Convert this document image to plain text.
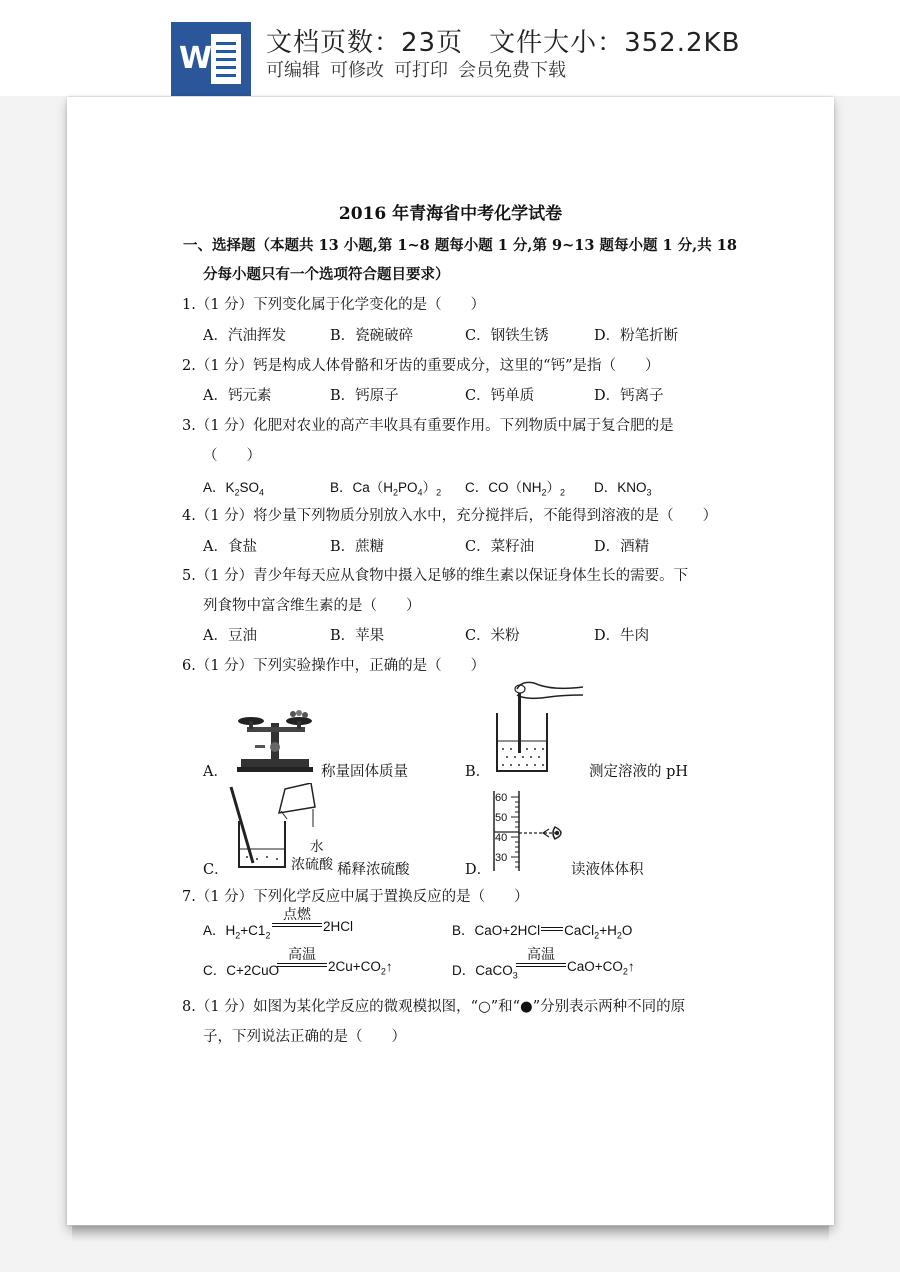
W 文档页数：23页 文件大小：352.2KB
可编辑 可修改 可打印 会员免费下载
2016 年青海省中考化学试卷
一、选择题（本题共 13 小题,第 1~8 题每小题 1 分,第 9~13 题每小题 1 分,共 18
分每小题只有一个选项符合题目要求）
1.（1 分）下列变化属于化学变化的是（　　）
A．汽油挥发	B．瓷碗破碎	C．钢铁生锈	D．粉笔折断
2.（1 分）钙是构成人体骨骼和牙齿的重要成分，这里的“钙”是指（　　）
A．钙元素	B．钙原子	C．钙单质	D．钙离子
3.（1 分）化肥对农业的高产丰收具有重要作用。下列物质中属于复合肥的是
（　　）
A．$K_2SO_4$	B．$Ca(H_2PO_4)_2$ C．$CO(NH_2)_2$ D．$KNO_3$
4.（1 分）将少量下列物质分别放入水中，充分搅拌后，不能得到溶液的是（　　）
A．食盐	B．蔗糖	C．菜籽油	D．酒精
5.（1 分）青少年每天应从食物中摄入足够的维生素以保证身体生长的需要。下
列食物中富含维生素的是（　　）
A．豆油	B．苹果	C．米粉	D．牛肉
6.（1 分）下列实验操作中，正确的是（　　）
A．	称量固体质量	B．	测定溶液的 pH
C．
水
浓硫酸 稀释浓硫酸	D．
60
50
40
30
读液体体积
7.（1 分）下列化学反应中属于置换反应的是（　　）
A．$H_2+C1_2$
点燃
2HCl	B．CaO+2HCl $CaCl_2+H_2O$
C．C+2CuO
高温
$2Cu+CO_2↑$	D．CaCO$_3$
高温
$CaO+CO_2↑$
8.（1 分）如图为某化学反应的微观模拟图，“○”和“●”分别表示两种不同的原
子，下列说法正确的是（　　）
